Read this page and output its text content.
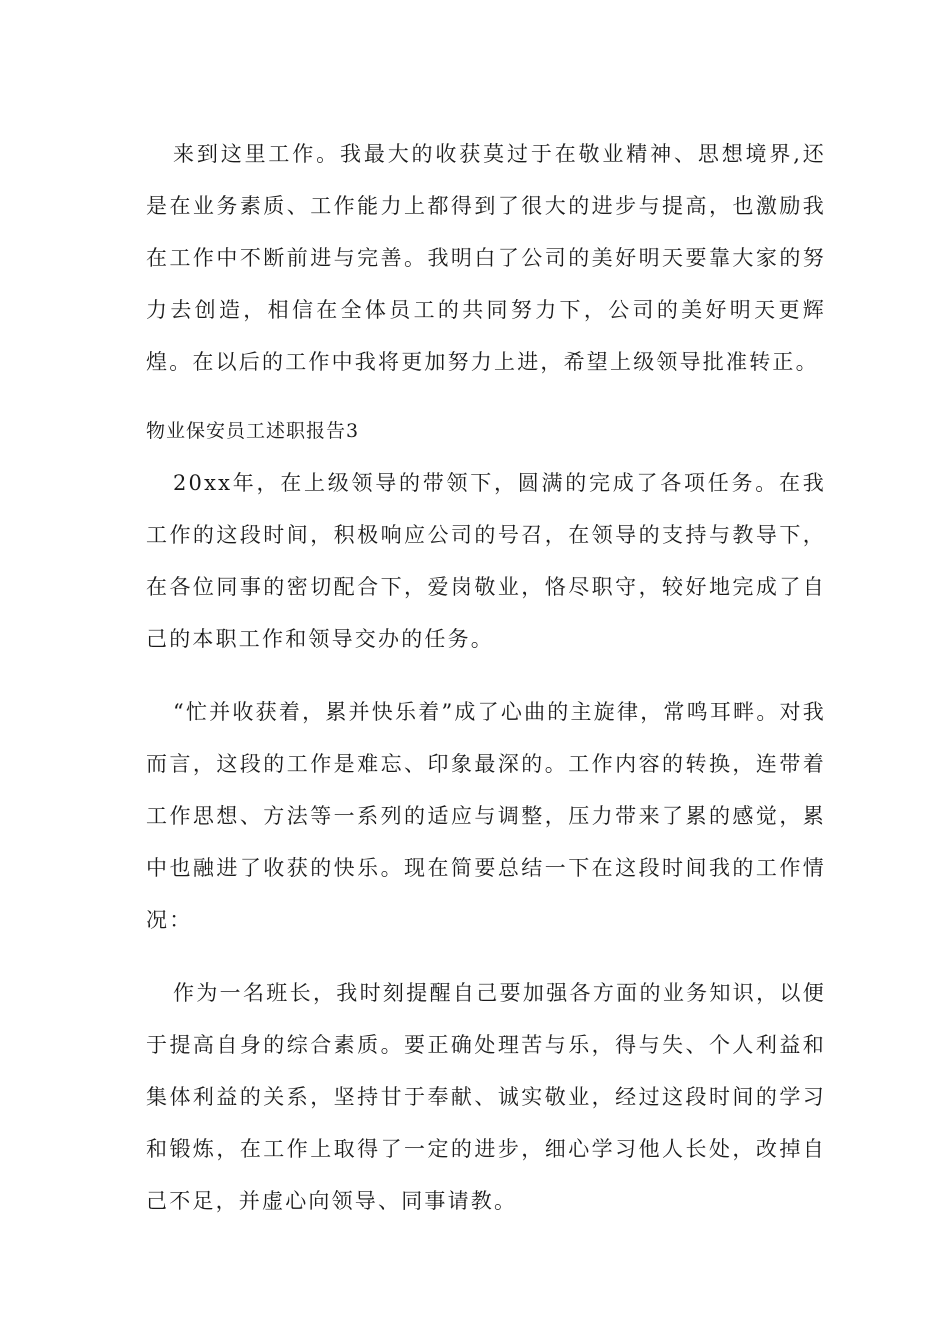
来到这里工作。我最大的收获莫过于在敬业精神、思想境界,还是在业务素质、工作能力上都得到了很大的进步与提高，也激励我在工作中不断前进与完善。我明白了公司的美好明天要靠大家的努力去创造，相信在全体员工的共同努力下，公司的美好明天更辉煌。在以后的工作中我将更加努力上进，希望上级领导批准转正。

物业保安员工述职报告3

20xx年，在上级领导的带领下，圆满的完成了各项任务。在我工作的这段时间，积极响应公司的号召，在领导的支持与教导下，在各位同事的密切配合下，爱岗敬业，恪尽职守，较好地完成了自己的本职工作和领导交办的任务。

“忙并收获着，累并快乐着”成了心曲的主旋律，常鸣耳畔。对我而言，这段的工作是难忘、印象最深的。工作内容的转换，连带着工作思想、方法等一系列的适应与调整，压力带来了累的感觉，累中也融进了收获的快乐。现在简要总结一下在这段时间我的工作情况：

作为一名班长，我时刻提醒自己要加强各方面的业务知识，以便于提高自身的综合素质。要正确处理苦与乐，得与失、个人利益和集体利益的关系，坚持甘于奉献、诚实敬业，经过这段时间的学习和锻炼，在工作上取得了一定的进步，细心学习他人长处，改掉自己不足，并虚心向领导、同事请教。
